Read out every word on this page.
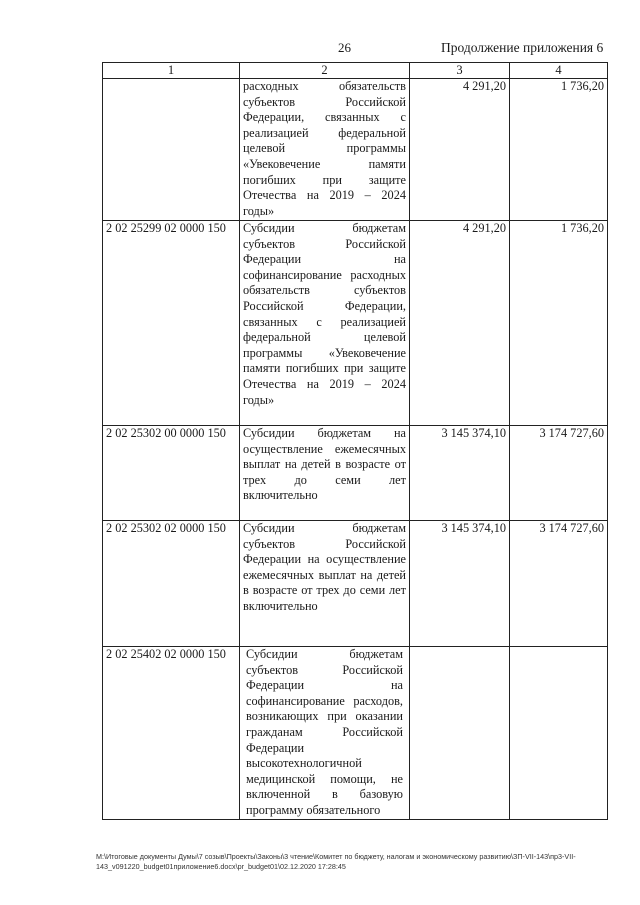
26	Продолжение приложения 6
1	2	3	4
	расходных обязательств субъектов Российской Федерации, связанных с реализацией федеральной целевой программы «Увековечение памяти погибших при защите Отечества на 2019 – 2024 годы»	4 291,20	1 736,20
2 02 25299 02 0000 150	Субсидии бюджетам субъектов Российской Федерации на софинансирование расходных обязательств субъектов Российской Федерации, связанных с реализацией федеральной целевой программы «Увековечение памяти погибших при защите Отечества на 2019 – 2024 годы»	4 291,20	1 736,20
2 02 25302 00 0000 150	Субсидии бюджетам на осуществление ежемесячных выплат на детей в возрасте от трех до семи лет включительно	3 145 374,10	3 174 727,60
2 02 25302 02 0000 150	Субсидии бюджетам субъектов Российской Федерации на осуществление ежемесячных выплат на детей в возрасте от трех до семи лет включительно	3 145 374,10	3 174 727,60
2 02 25402 02 0000 150	Субсидии бюджетам субъектов Российской Федерации на софинансирование расходов, возникающих при оказании гражданам Российской Федерации высокотехнологичной медицинской помощи, не включенной в базовую программу обязательного		

M:\Итоговые документы Думы\7 созыв\Проекты\Законы\3 чтение\Комитет по бюджету, налогам и экономическому развитию\ЗП-VII-143\пр3-VII-143_v091220_budget01приложение6.docx\pr_budget01\02.12.2020 17:28:45
